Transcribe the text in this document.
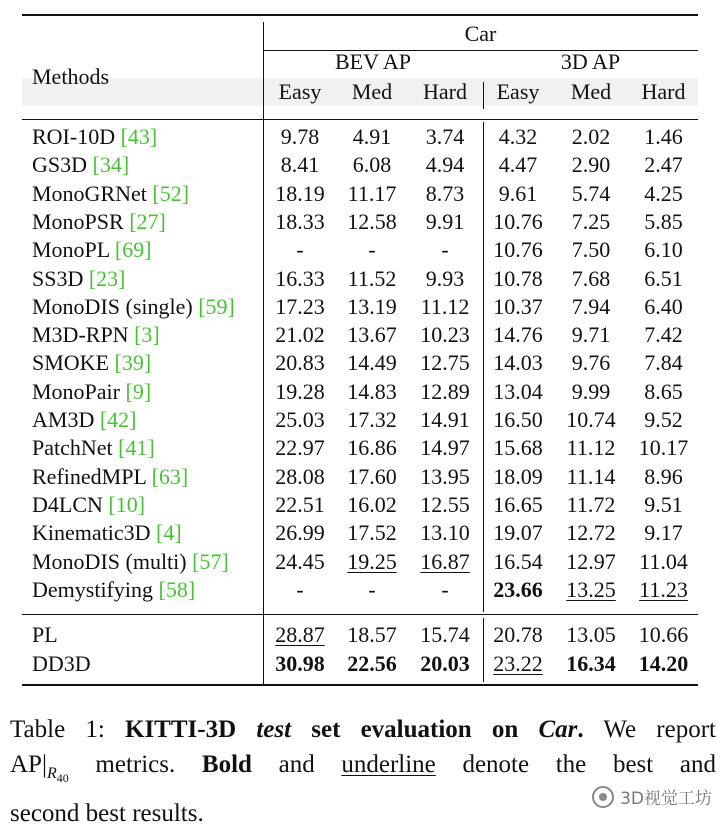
Car
BEV AP	3D AP
Methods
Easy	Med	Hard	Easy	Med	Hard
ROI-10D [43]	9.78	4.91	3.74	4.32	2.02	1.46
GS3D [34]	8.41	6.08	4.94	4.47	2.90	2.47
MonoGRNet [52]	18.19	11.17	8.73	9.61	5.74	4.25
MonoPSR [27]	18.33	12.58	9.91	10.76	7.25	5.85
MonoPL [69]	-	-	-	10.76	7.50	6.10
SS3D [23]	16.33	11.52	9.93	10.78	7.68	6.51
MonoDIS (single) [59]	17.23	13.19	11.12	10.37	7.94	6.40
M3D-RPN [3]	21.02	13.67	10.23	14.76	9.71	7.42
SMOKE [39]	20.83	14.49	12.75	14.03	9.76	7.84
MonoPair [9]	19.28	14.83	12.89	13.04	9.99	8.65
AM3D [42]	25.03	17.32	14.91	16.50	10.74	9.52
PatchNet [41]	22.97	16.86	14.97	15.68	11.12	10.17
RefinedMPL [63]	28.08	17.60	13.95	18.09	11.14	8.96
D4LCN [10]	22.51	16.02	12.55	16.65	11.72	9.51
Kinematic3D [4]	26.99	17.52	13.10	19.07	12.72	9.17
MonoDIS (multi) [57]	24.45	19.25	16.87	16.54	12.97	11.04
Demystifying [58]	-	-	-	23.66	13.25	11.23
PL	28.87	18.57	15.74	20.78	13.05	10.66
DD3D	30.98	22.56	20.03	23.22	16.34	14.20
Table 1: KITTI-3D test set evaluation on Car. We report
$AP|_{R_{40}}$ metrics. Bold and underline denote the best and
second best results.
3D视觉工坊
